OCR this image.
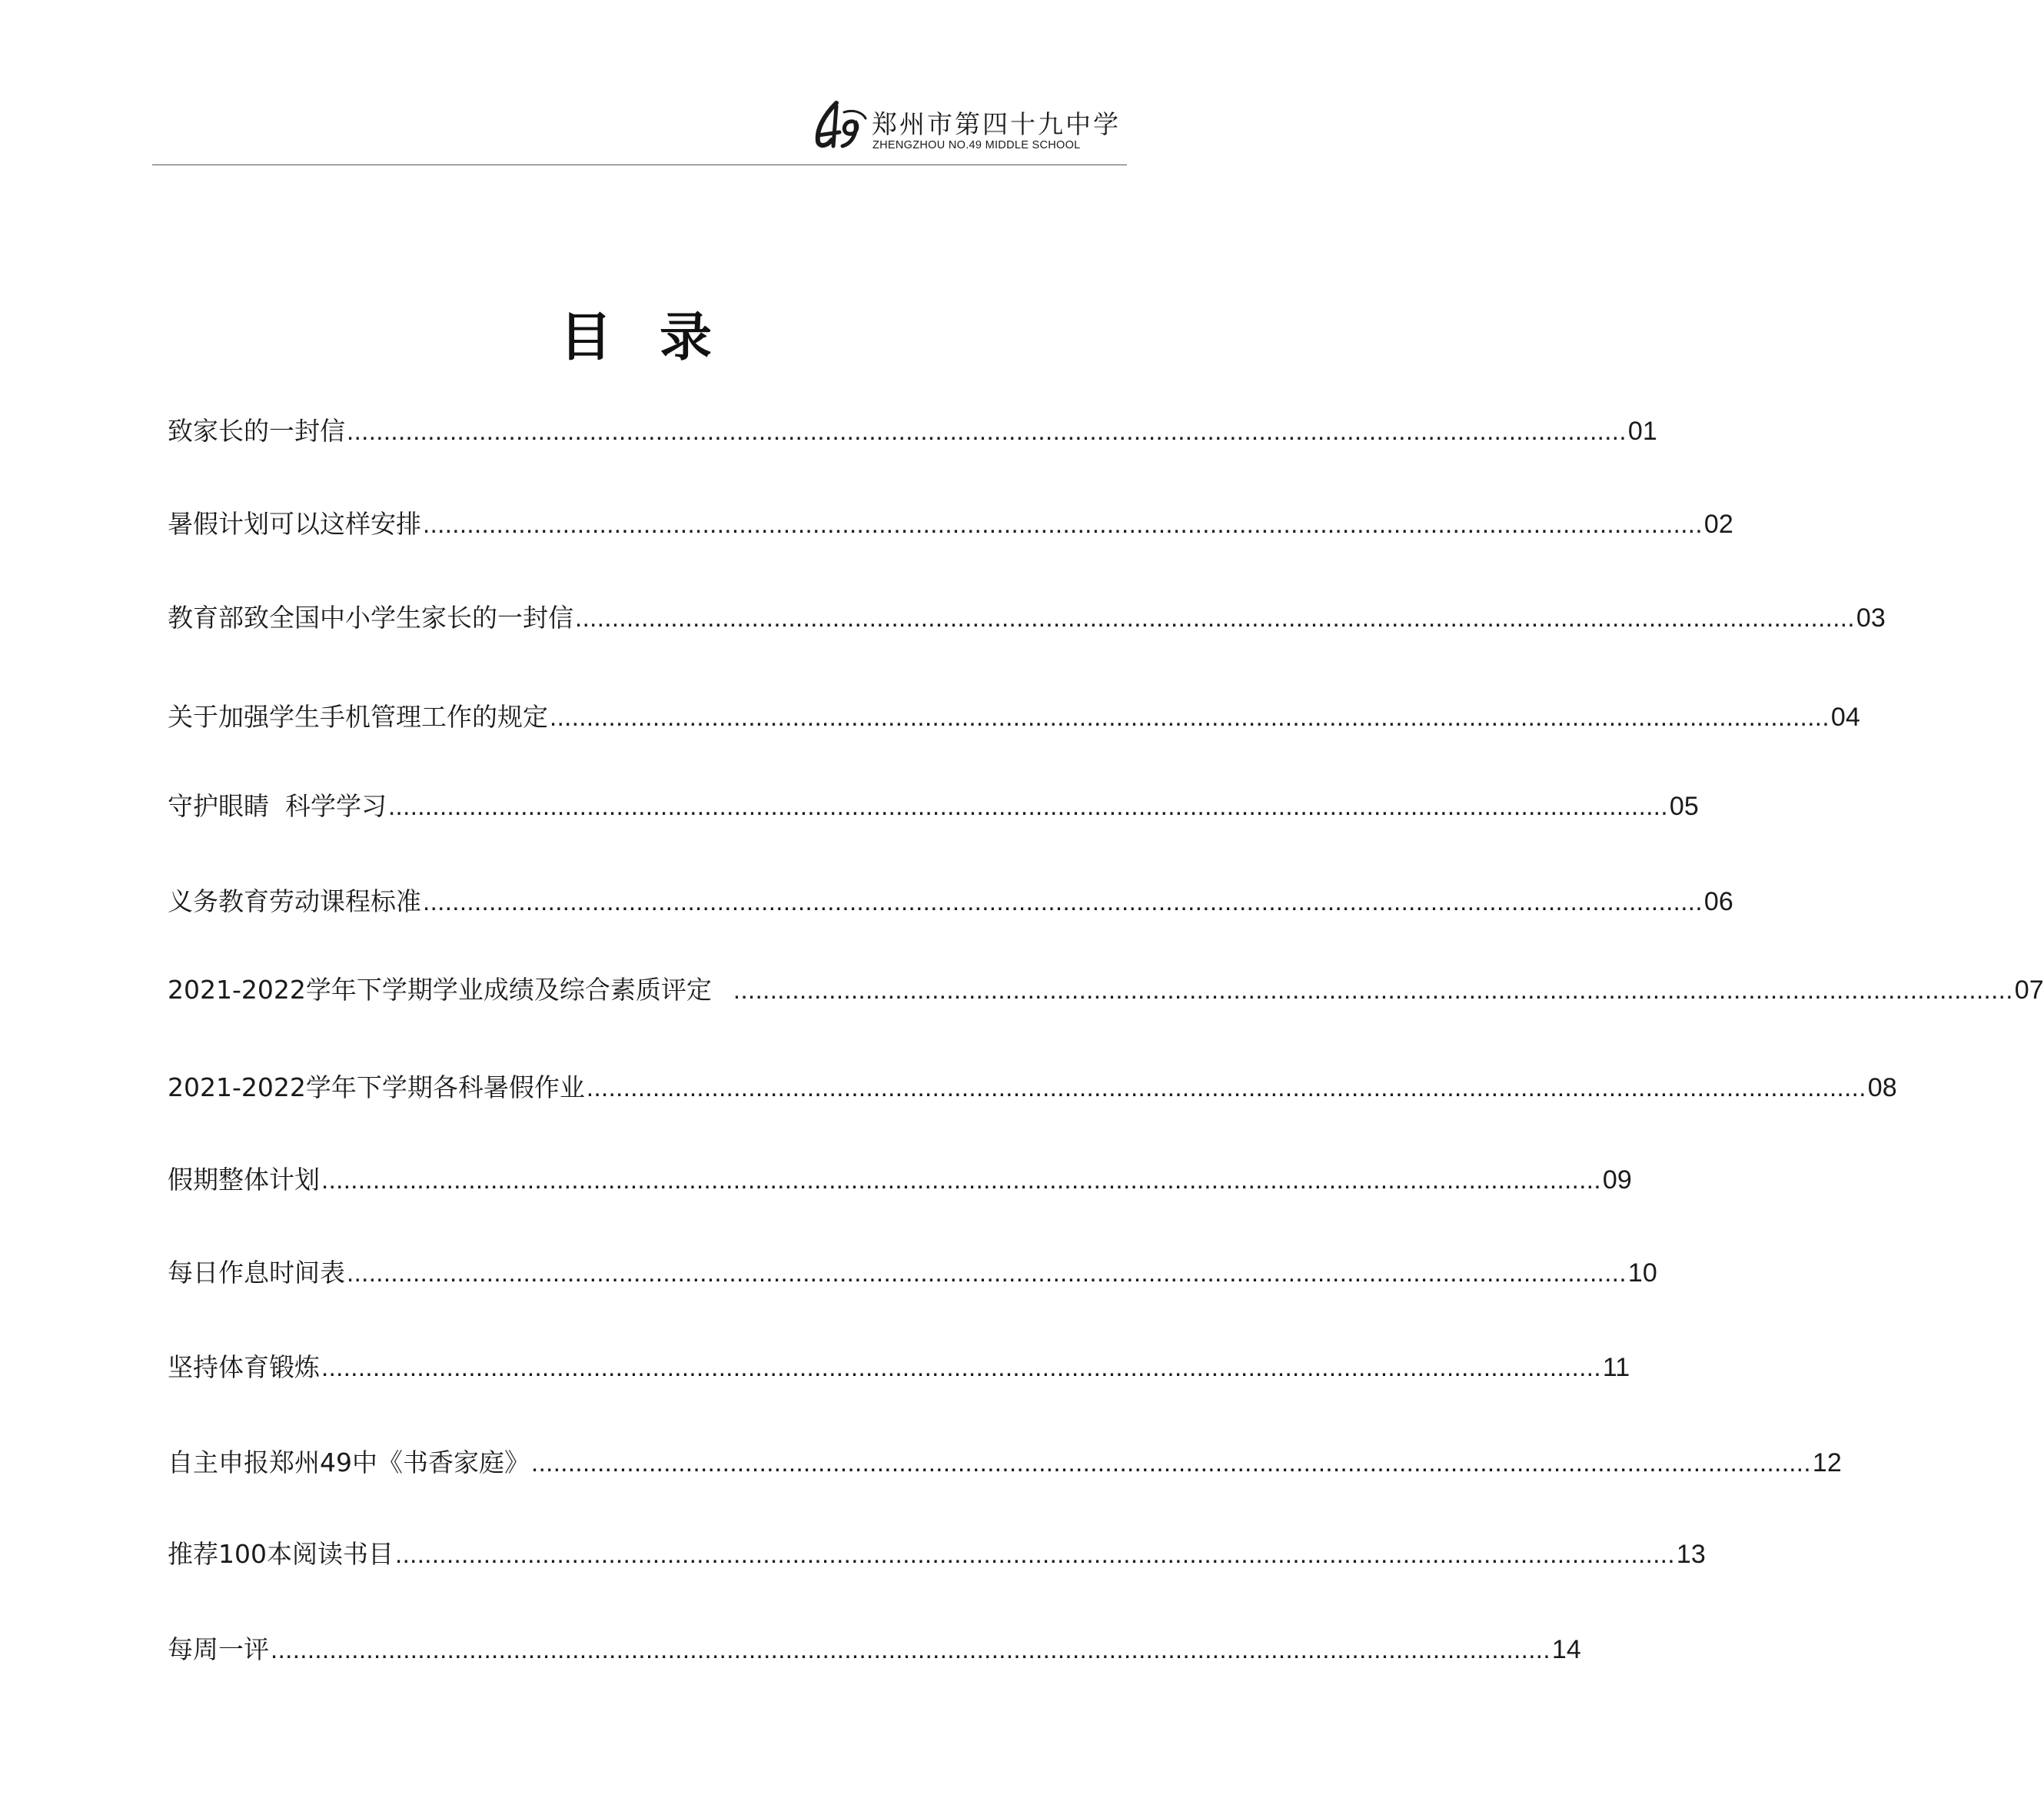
郑州市第四十九中学
ZHENGZHOU NO.49 MIDDLE SCHOOL
目录
致家长的一封信 .............................................................................................................................................................................. 01
暑假计划可以这样安排 .............................................................................................................................................................................. 02
教育部致全国中小学生家长的一封信 .............................................................................................................................................................................. 03
关于加强学生手机管理工作的规定 .............................................................................................................................................................................. 04
守护眼睛  科学学习 .............................................................................................................................................................................. 05
义务教育劳动课程标准 .............................................................................................................................................................................. 06
2021-2022学年下学期学业成绩及综合素质评定 .............................................................................................................................................................................. 07
2021-2022学年下学期各科暑假作业 .............................................................................................................................................................................. 08
假期整体计划 .............................................................................................................................................................................. 09
每日作息时间表 .............................................................................................................................................................................. 10
坚持体育锻炼 .............................................................................................................................................................................. 11
自主申报郑州49中《书香家庭》 .............................................................................................................................................................................. 12
推荐100本阅读书目 .............................................................................................................................................................................. 13
每周一评 .............................................................................................................................................................................. 14
